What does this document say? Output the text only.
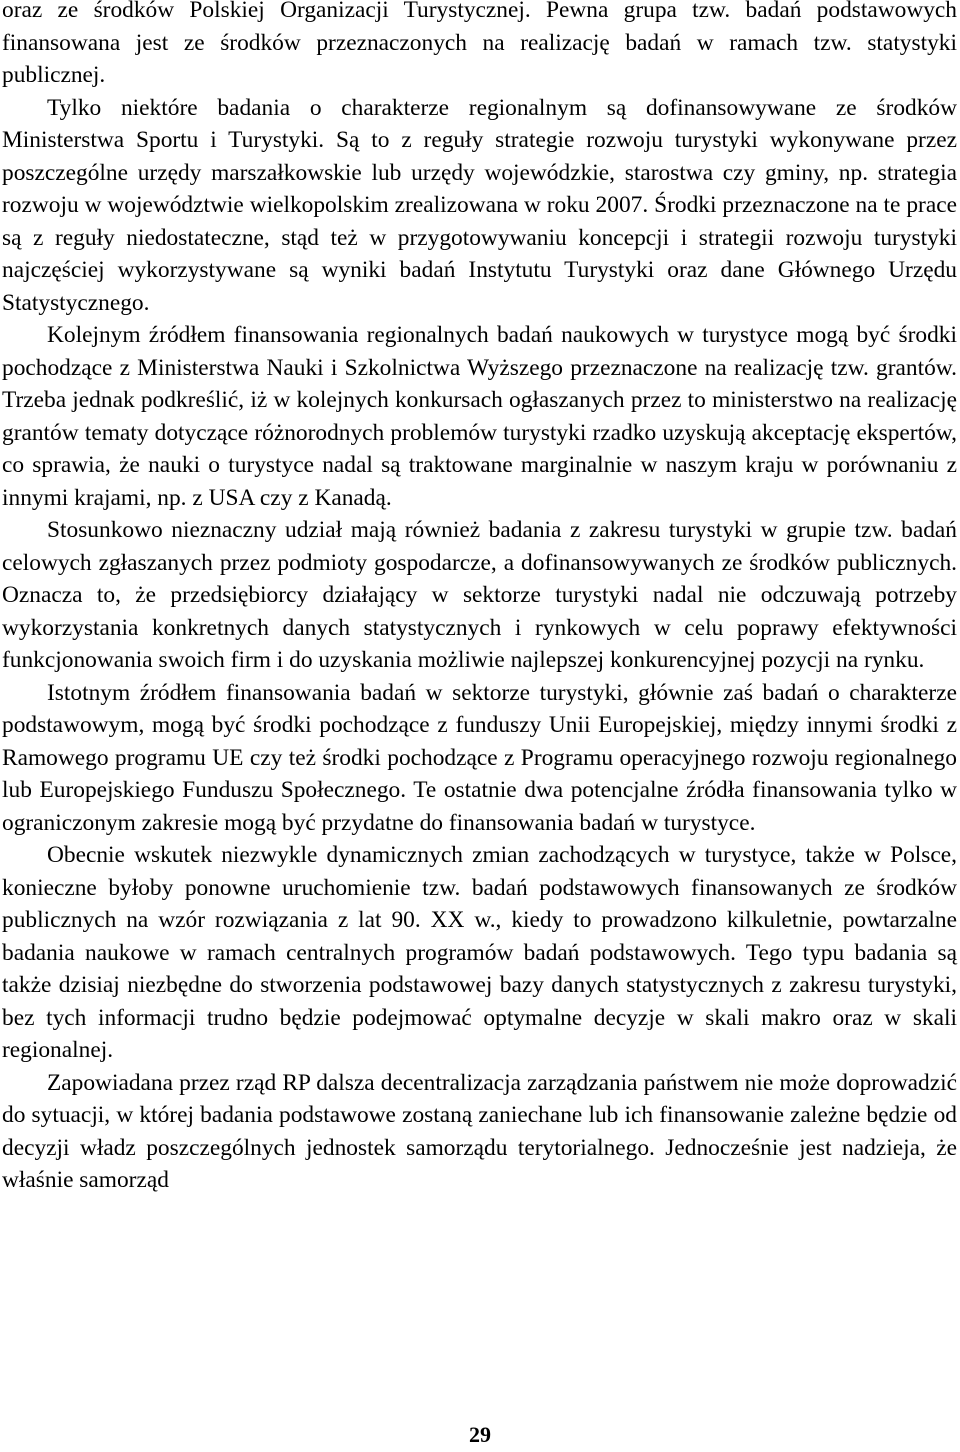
oraz ze środków Polskiej Organizacji Turystycznej. Pewna grupa tzw. badań podstawowych finansowana jest ze środków przeznaczonych na realizację badań w ramach tzw. statystyki publicznej.

Tylko niektóre badania o charakterze regionalnym są dofinansowywane ze środków Ministerstwa Sportu i Turystyki. Są to z reguły strategie rozwoju turystyki wykonywane przez poszczególne urzędy marszałkowskie lub urzędy wojewódzkie, starostwa czy gminy, np. strategia rozwoju w województwie wielkopolskim zrealizowana w roku 2007. Środki przeznaczone na te prace są z reguły niedostateczne, stąd też w przygotowywaniu koncepcji i strategii rozwoju turystyki najczęściej wykorzystywane są wyniki badań Instytutu Turystyki oraz dane Głównego Urzędu Statystycznego.

Kolejnym źródłem finansowania regionalnych badań naukowych w turystyce mogą być środki pochodzące z Ministerstwa Nauki i Szkolnictwa Wyższego przeznaczone na realizację tzw. grantów. Trzeba jednak podkreślić, iż w kolejnych konkursach ogłaszanych przez to ministerstwo na realizację grantów tematy dotyczące różnorodnych problemów turystyki rzadko uzyskują akceptację ekspertów, co sprawia, że nauki o turystyce nadal są traktowane marginalnie w naszym kraju w porównaniu z innymi krajami, np. z USA czy z Kanadą.

Stosunkowo nieznaczny udział mają również badania z zakresu turystyki w grupie tzw. badań celowych zgłaszanych przez podmioty gospodarcze, a dofinansowywanych ze środków publicznych. Oznacza to, że przedsiębiorcy działający w sektorze turystyki nadal nie odczuwają potrzeby wykorzystania konkretnych danych statystycznych i rynkowych w celu poprawy efektywności funkcjonowania swoich firm i do uzyskania możliwie najlepszej konkurencyjnej pozycji na rynku.

Istotnym źródłem finansowania badań w sektorze turystyki, głównie zaś badań o charakterze podstawowym, mogą być środki pochodzące z funduszy Unii Europejskiej, między innymi środki z Ramowego programu UE czy też środki pochodzące z Programu operacyjnego rozwoju regionalnego lub Europejskiego Funduszu Społecznego. Te ostatnie dwa potencjalne źródła finansowania tylko w ograniczonym zakresie mogą być przydatne do finansowania badań w turystyce.

Obecnie wskutek niezwykle dynamicznych zmian zachodzących w turystyce, także w Polsce, konieczne byłoby ponowne uruchomienie tzw. badań podstawowych finansowanych ze środków publicznych na wzór rozwiązania z lat 90. XX w., kiedy to prowadzono kilkuletnie, powtarzalne badania naukowe w ramach centralnych programów badań podstawowych. Tego typu badania są także dzisiaj niezbędne do stworzenia podstawowej bazy danych statystycznych z zakresu turystyki, bez tych informacji trudno będzie podejmować optymalne decyzje w skali makro oraz w skali regionalnej.

Zapowiadana przez rząd RP dalsza decentralizacja zarządzania państwem nie może doprowadzić do sytuacji, w której badania podstawowe zostaną zaniechane lub ich finansowanie zależne będzie od decyzji władz poszczególnych jednostek samorządu terytorialnego. Jednocześnie jest nadzieja, że właśnie samorząd

29
